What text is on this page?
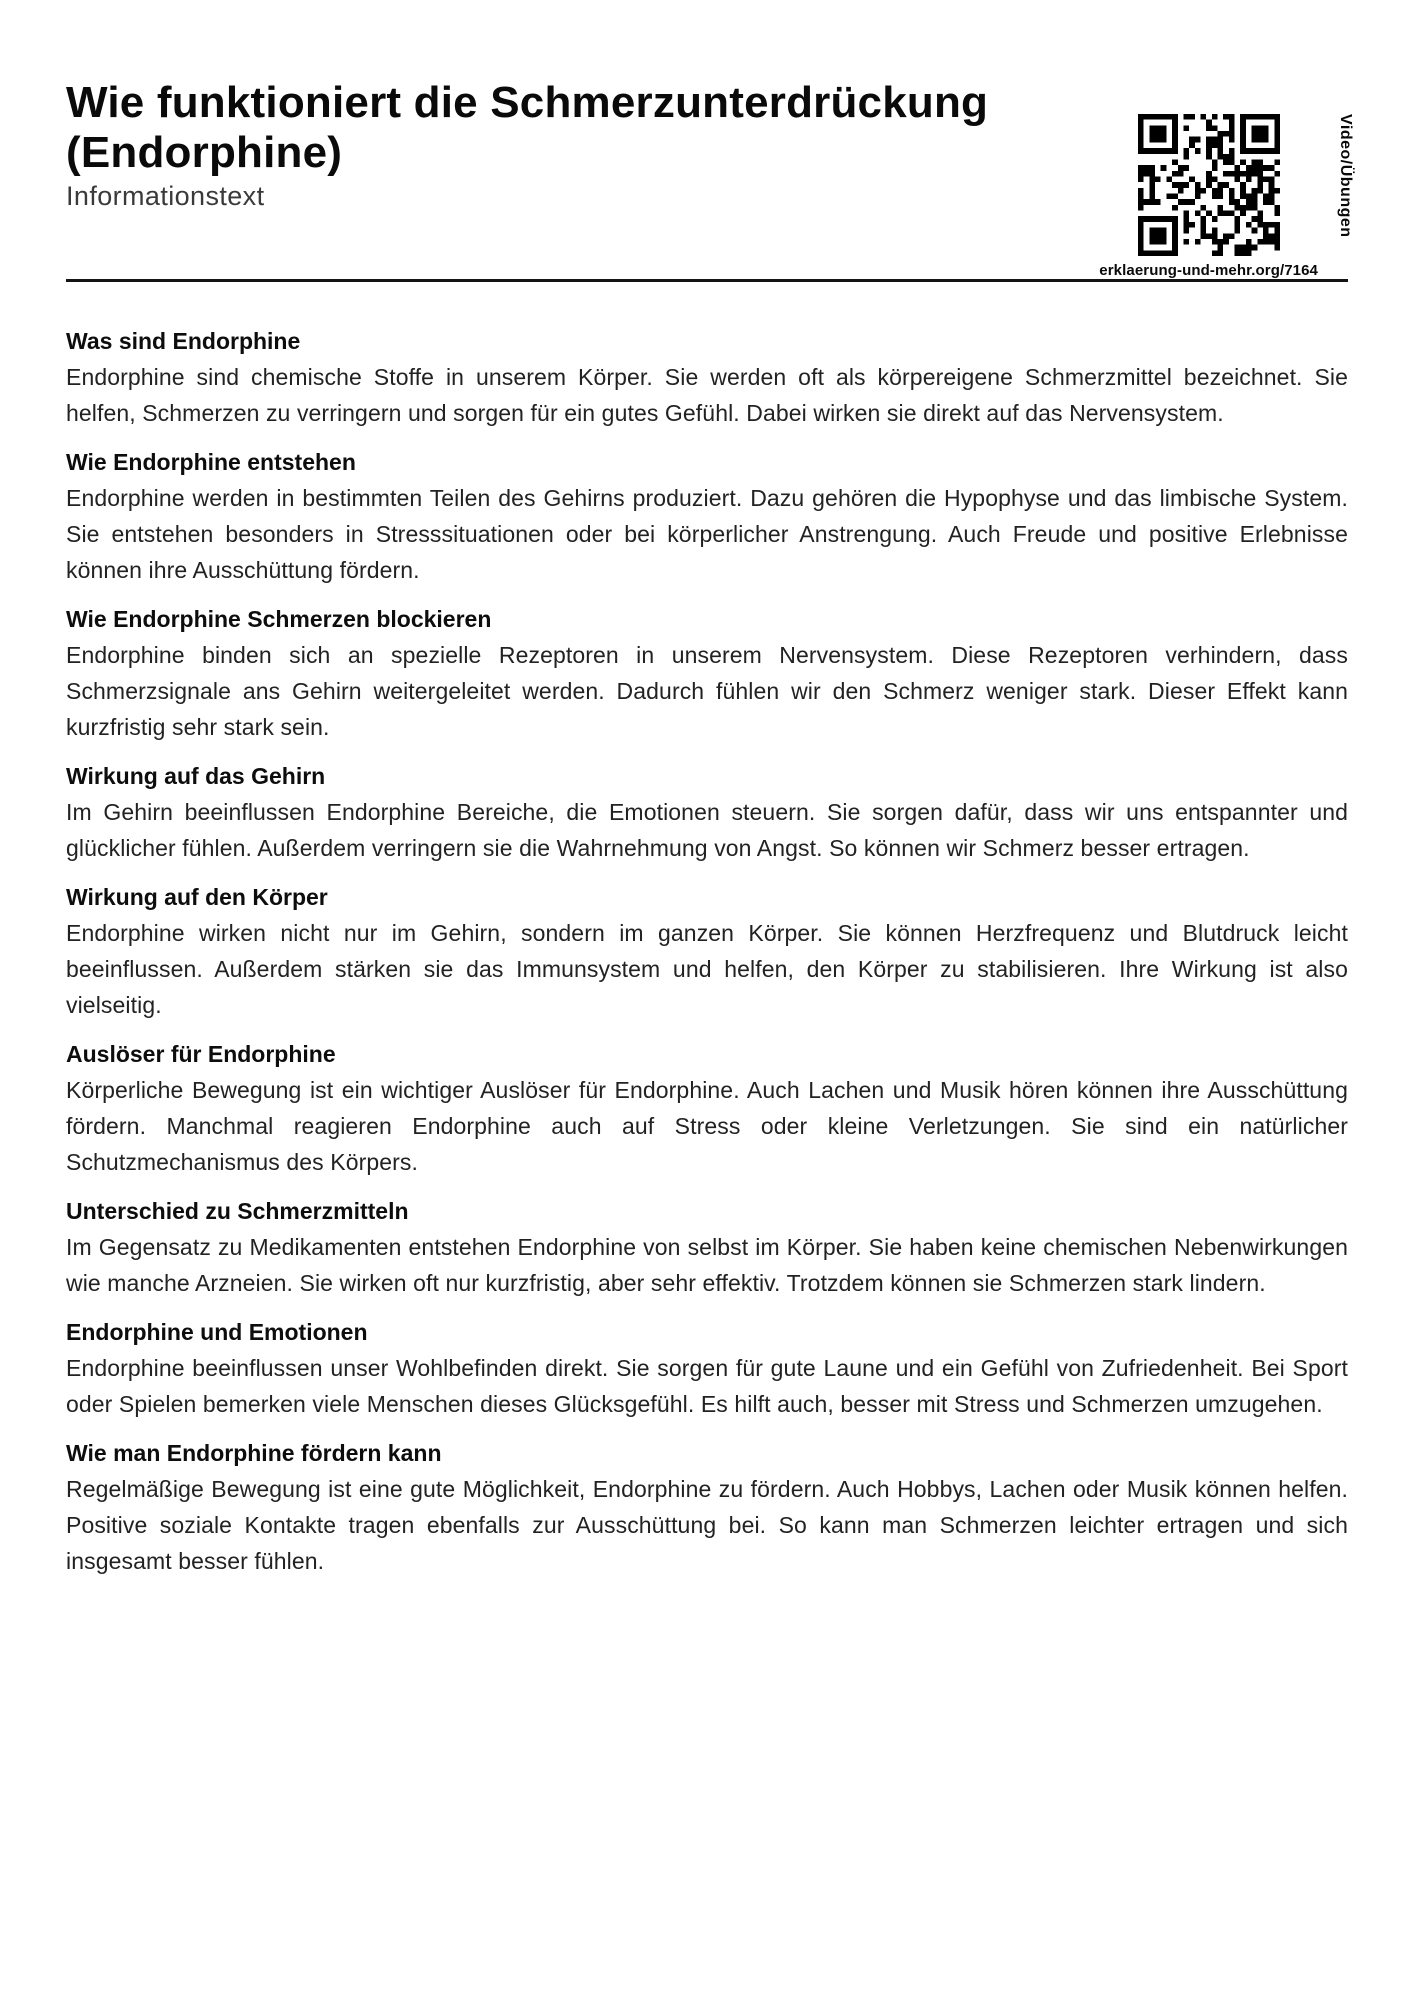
Wie funktioniert die Schmerzunterdrückung
(Endorphine)
Informationstext
erklaerung-und-mehr.org/7164
Video/Übungen
Was sind Endorphine

Endorphine sind chemische Stoffe in unserem Körper. Sie werden oft als körpereigene Schmerzmittel bezeichnet. Sie helfen, Schmerzen zu verringern und sorgen für ein gutes Gefühl. Dabei wirken sie direkt auf das Nervensystem.

Wie Endorphine entstehen

Endorphine werden in bestimmten Teilen des Gehirns produziert. Dazu gehören die Hypophyse und das limbische System. Sie entstehen besonders in Stresssituationen oder bei körperlicher Anstrengung. Auch Freude und positive Erlebnisse können ihre Ausschüttung fördern.

Wie Endorphine Schmerzen blockieren

Endorphine binden sich an spezielle Rezeptoren in unserem Nervensystem. Diese Rezeptoren verhindern, dass Schmerzsignale ans Gehirn weitergeleitet werden. Dadurch fühlen wir den Schmerz weniger stark. Dieser Effekt kann kurzfristig sehr stark sein.

Wirkung auf das Gehirn

Im Gehirn beeinflussen Endorphine Bereiche, die Emotionen steuern. Sie sorgen dafür, dass wir uns entspannter und glücklicher fühlen. Außerdem verringern sie die Wahrnehmung von Angst. So können wir Schmerz besser ertragen.

Wirkung auf den Körper

Endorphine wirken nicht nur im Gehirn, sondern im ganzen Körper. Sie können Herzfrequenz und Blutdruck leicht beeinflussen. Außerdem stärken sie das Immunsystem und helfen, den Körper zu stabilisieren. Ihre Wirkung ist also vielseitig.

Auslöser für Endorphine

Körperliche Bewegung ist ein wichtiger Auslöser für Endorphine. Auch Lachen und Musik hören können ihre Ausschüttung fördern. Manchmal reagieren Endorphine auch auf Stress oder kleine Verletzungen. Sie sind ein natürlicher Schutzmechanismus des Körpers.

Unterschied zu Schmerzmitteln

Im Gegensatz zu Medikamenten entstehen Endorphine von selbst im Körper. Sie haben keine chemischen Nebenwirkungen wie manche Arzneien. Sie wirken oft nur kurzfristig, aber sehr effektiv. Trotzdem können sie Schmerzen stark lindern.

Endorphine und Emotionen

Endorphine beeinflussen unser Wohlbefinden direkt. Sie sorgen für gute Laune und ein Gefühl von Zufriedenheit. Bei Sport oder Spielen bemerken viele Menschen dieses Glücksgefühl. Es hilft auch, besser mit Stress und Schmerzen umzugehen.

Wie man Endorphine fördern kann

Regelmäßige Bewegung ist eine gute Möglichkeit, Endorphine zu fördern. Auch Hobbys, Lachen oder Musik können helfen. Positive soziale Kontakte tragen ebenfalls zur Ausschüttung bei. So kann man Schmerzen leichter ertragen und sich insgesamt besser fühlen.
